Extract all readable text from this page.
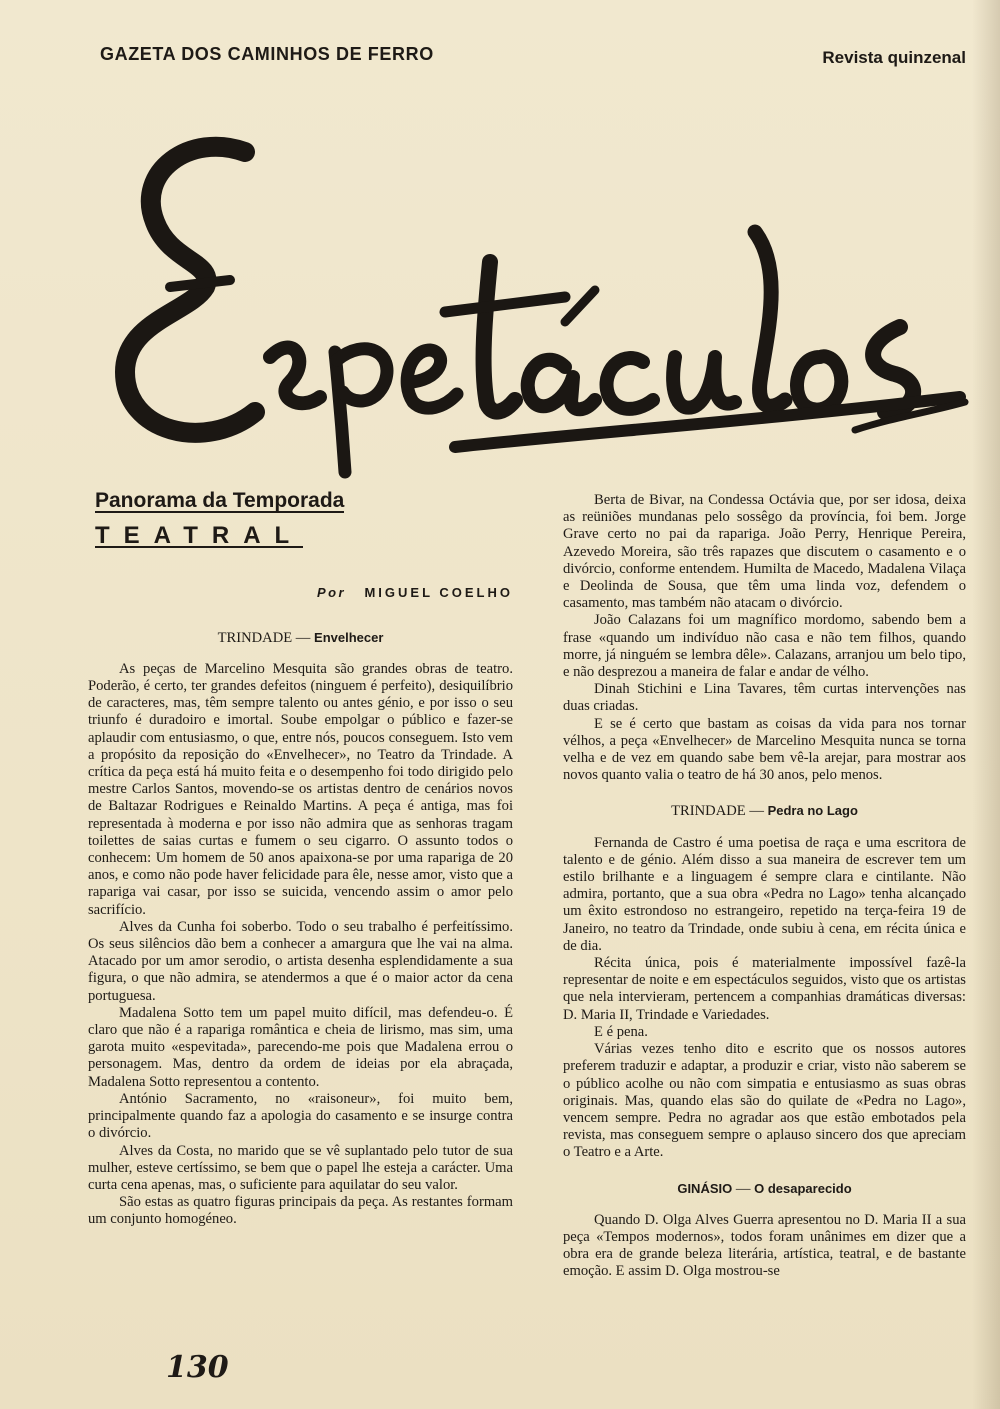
GAZETA DOS CAMINHOS DE FERRO	Revista quinzenal
Panorama da Temporada
TEATRAL
Por MIGUEL COELHO
TRINDADE — Envelhecer

As peças de Marcelino Mesquita são grandes obras de teatro. Poderão, é certo, ter grandes defeitos (ninguem é perfeito), desiquilíbrio de caracteres, mas, têm sempre talento ou antes génio, e por isso o seu triunfo é duradoiro e imortal. Soube empolgar o público e fazer-se aplaudir com entusiasmo, o que, entre nós, poucos conseguem. Isto vem a propósito da reposição do «Envelhecer», no Teatro da Trindade. A crítica da peça está há muito feita e o desempenho foi todo dirigido pelo mestre Carlos Santos, movendo-se os artistas dentro de cenários novos de Baltazar Rodrigues e Reinaldo Martins. A peça é antiga, mas foi representada à moderna e por isso não admira que as senhoras tragam toilettes de saias curtas e fumem o seu cigarro. O assunto todos o conhecem: Um homem de 50 anos apaixona-se por uma rapariga de 20 anos, e como não pode haver felicidade para êle, nesse amor, visto que a rapariga vai casar, por isso se suicida, vencendo assim o amor pelo sacrifício.

Alves da Cunha foi soberbo. Todo o seu trabalho é perfeitíssimo. Os seus silêncios dão bem a conhecer a amargura que lhe vai na alma. Atacado por um amor serodio, o artista desenha esplendidamente a sua figura, o que não admira, se atendermos a que é o maior actor da cena portuguesa.

Madalena Sotto tem um papel muito difícil, mas defendeu-o. É claro que não é a rapariga romântica e cheia de lirismo, mas sim, uma garota muito «espevitada», parecendo-me pois que Madalena errou o personagem. Mas, dentro da ordem de ideias por ela abraçada, Madalena Sotto representou a contento.

António Sacramento, no «raisoneur», foi muito bem, principalmente quando faz a apologia do casamento e se insurge contra o divórcio.

Alves da Costa, no marido que se vê suplantado pelo tutor de sua mulher, esteve certíssimo, se bem que o papel lhe esteja a carácter. Uma curta cena apenas, mas, o suficiente para aquilatar do seu valor.

São estas as quatro figuras principais da peça. As restantes formam um conjunto homogéneo.

Berta de Bivar, na Condessa Octávia que, por ser idosa, deixa as reüniões mundanas pelo sossêgo da província, foi bem. Jorge Grave certo no pai da rapariga. João Perry, Henrique Pereira, Azevedo Moreira, são três rapazes que discutem o casamento e o divórcio, conforme entendem. Humilta de Macedo, Madalena Vilaça e Deolinda de Sousa, que têm uma linda voz, defendem o casamento, mas também não atacam o divórcio.

João Calazans foi um magnífico mordomo, sabendo bem a frase «quando um indivíduo não casa e não tem filhos, quando morre, já ninguém se lembra dêle». Calazans, arranjou um belo tipo, e não desprezou a maneira de falar e andar de vélho.

Dinah Stichini e Lina Tavares, têm curtas intervenções nas duas criadas.

E se é certo que bastam as coisas da vida para nos tornar vélhos, a peça «Envelhecer» de Marcelino Mesquita nunca se torna velha e de vez em quando sabe bem vê-la arejar, para mostrar aos novos quanto valia o teatro de há 30 anos, pelo menos.

TRINDADE — Pedra no Lago

Fernanda de Castro é uma poetisa de raça e uma escritora de talento e de génio. Além disso a sua maneira de escrever tem um estilo brilhante e a linguagem é sempre clara e cintilante. Não admira, portanto, que a sua obra «Pedra no Lago» tenha alcançado um êxito estrondoso no estrangeiro, repetido na terça-feira 19 de Janeiro, no teatro da Trindade, onde subiu à cena, em récita única e de dia.

Récita única, pois é materialmente impossível fazê-la representar de noite e em espectáculos seguidos, visto que os artistas que nela intervieram, pertencem a companhias dramáticas diversas: D. Maria II, Trindade e Variedades.

E é pena.

Várias vezes tenho dito e escrito que os nossos autores preferem traduzir e adaptar, a produzir e criar, visto não saberem se o público acolhe ou não com simpatia e entusiasmo as suas obras originais. Mas, quando elas são do quilate de «Pedra no Lago», vencem sempre. Pedra no agradar aos que estão embotados pela revista, mas conseguem sempre o aplauso sincero dos que apreciam o Teatro e a Arte.

GINÁSIO — O desaparecido

Quando D. Olga Alves Guerra apresentou no D. Maria II a sua peça «Tempos modernos», todos foram unânimes em dizer que a obra era de grande beleza literária, artística, teatral, e de bastante emoção. E assim D. Olga mostrou-se

130
